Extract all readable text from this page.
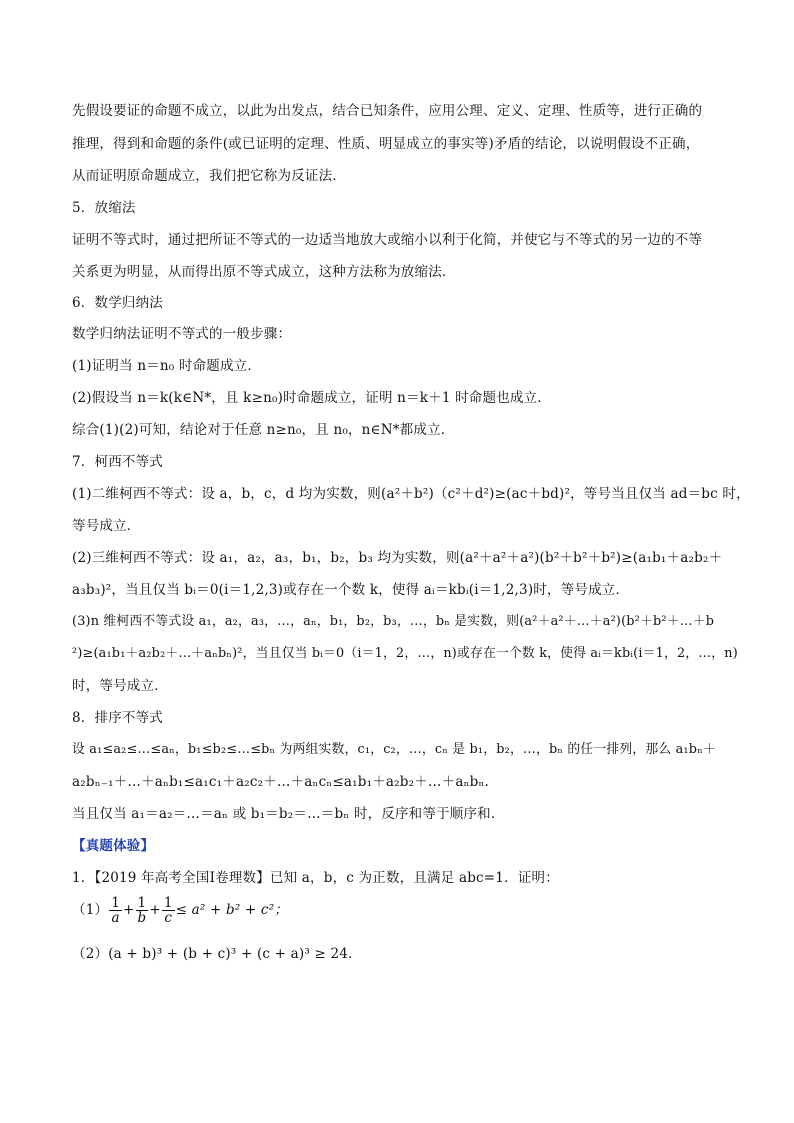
先假设要证的命题不成立，以此为出发点，结合已知条件，应用公理、定义、定理、性质等，进行正确的
推理，得到和命题的条件(或已证明的定理、性质、明显成立的事实等)矛盾的结论，以说明假设不正确，
从而证明原命题成立，我们把它称为反证法．
5．放缩法
证明不等式时，通过把所证不等式的一边适当地放大或缩小以利于化简，并使它与不等式的另一边的不等
关系更为明显，从而得出原不等式成立，这种方法称为放缩法．
6．数学归纳法
数学归纳法证明不等式的一般步骤：
(1)证明当 n＝n₀ 时命题成立．
(2)假设当 n＝k(k∈N*，且 k≥n₀)时命题成立，证明 n＝k＋1 时命题也成立．
综合(1)(2)可知，结论对于任意 n≥n₀，且 n₀，n∈N*都成立．
7．柯西不等式
(1)二维柯西不等式：设 a，b，c，d 均为实数，则(a²＋b²)（c²＋d²)≥(ac＋bd)²，等号当且仅当 ad＝bc 时，
等号成立．
(2)三维柯西不等式：设 a₁，a₂，a₃，b₁，b₂，b₃ 均为实数，则(a²＋a²＋a²)(b²＋b²＋b²)≥(a₁b₁＋a₂b₂＋
a₃b₃)²，当且仅当 bᵢ＝0(i＝1,2,3)或存在一个数 k，使得 aᵢ＝kbᵢ(i＝1,2,3)时，等号成立．
(3)n 维柯西不等式设 a₁，a₂，a₃，…，aₙ，b₁，b₂，b₃，…，bₙ 是实数，则(a²＋a²＋…＋a²)(b²＋b²＋…＋b
²)≥(a₁b₁＋a₂b₂＋…＋aₙbₙ)²，当且仅当 bᵢ＝0（i＝1，2，…，n)或存在一个数 k，使得 aᵢ＝kbᵢ(i＝1，2，…，n)
时，等号成立．
8．排序不等式
设 a₁≤a₂≤…≤aₙ，b₁≤b₂≤…≤bₙ 为两组实数，c₁，c₂，…，cₙ 是 b₁，b₂，…，bₙ 的任一排列，那么 a₁bₙ＋
a₂bₙ₋₁＋…＋aₙb₁≤a₁c₁＋a₂c₂＋…＋aₙcₙ≤a₁b₁＋a₂b₂＋…＋aₙbₙ.
当且仅当 a₁＝a₂＝…＝aₙ 或 b₁＝b₂＝…＝bₙ 时，反序和等于顺序和．
【真题体验】
1．【2019 年高考全国Ⅰ卷理数】已知 a，b，c 为正数，且满足 abc=1．证明：
$(1) \frac{1}{a} + \frac{1}{b} + \frac{1}{c} \le a^2 + b^2 + c^2$；
（2）(a + b)³ + (b + c)³ + (c + a)³ ≥ 24．
